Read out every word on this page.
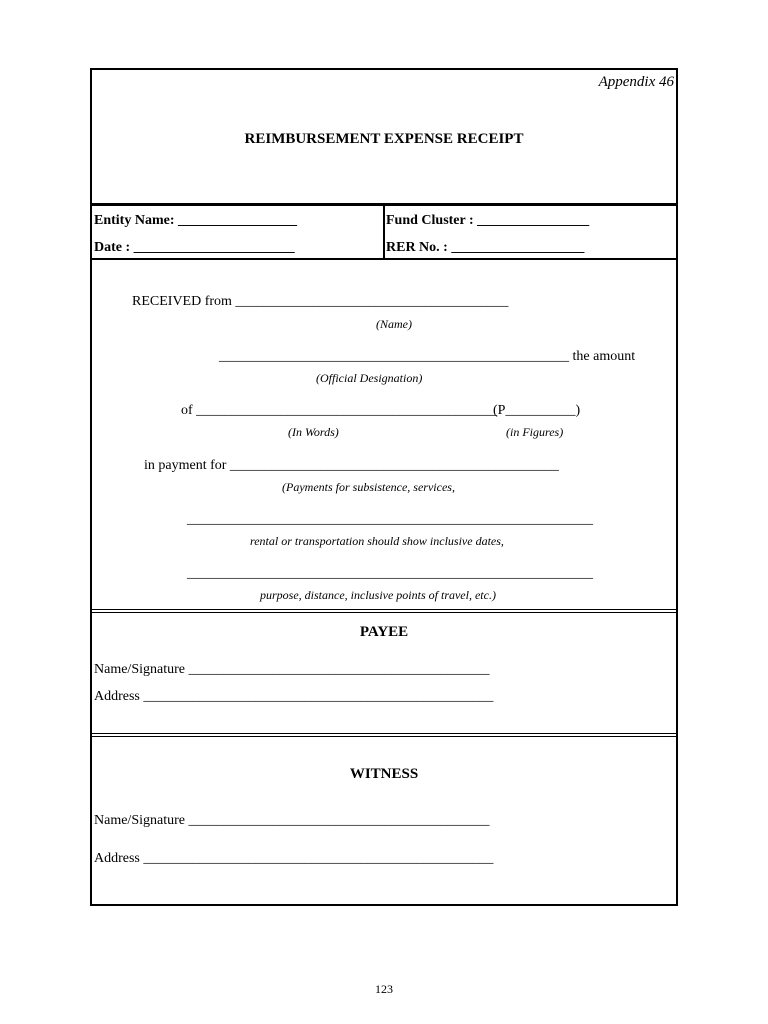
Appendix 46
REIMBURSEMENT EXPENSE RECEIPT
Entity Name: _________________
Date : _______________________
Fund Cluster : ________________
RER No. : ___________________
RECEIVED from _______________________________________
(Name)
__________________________________________________ the amount
(Official Designation)
of ___________________________________________
(P__________)
(In Words)	(in Figures)
in payment for _______________________________________________
(Payments for subsistence, services,
__________________________________________________________
rental or transportation should show inclusive dates,
__________________________________________________________
purpose, distance, inclusive points of travel, etc.)
PAYEE
Name/Signature ___________________________________________
Address __________________________________________________
WITNESS
Name/Signature ___________________________________________
Address __________________________________________________
123
